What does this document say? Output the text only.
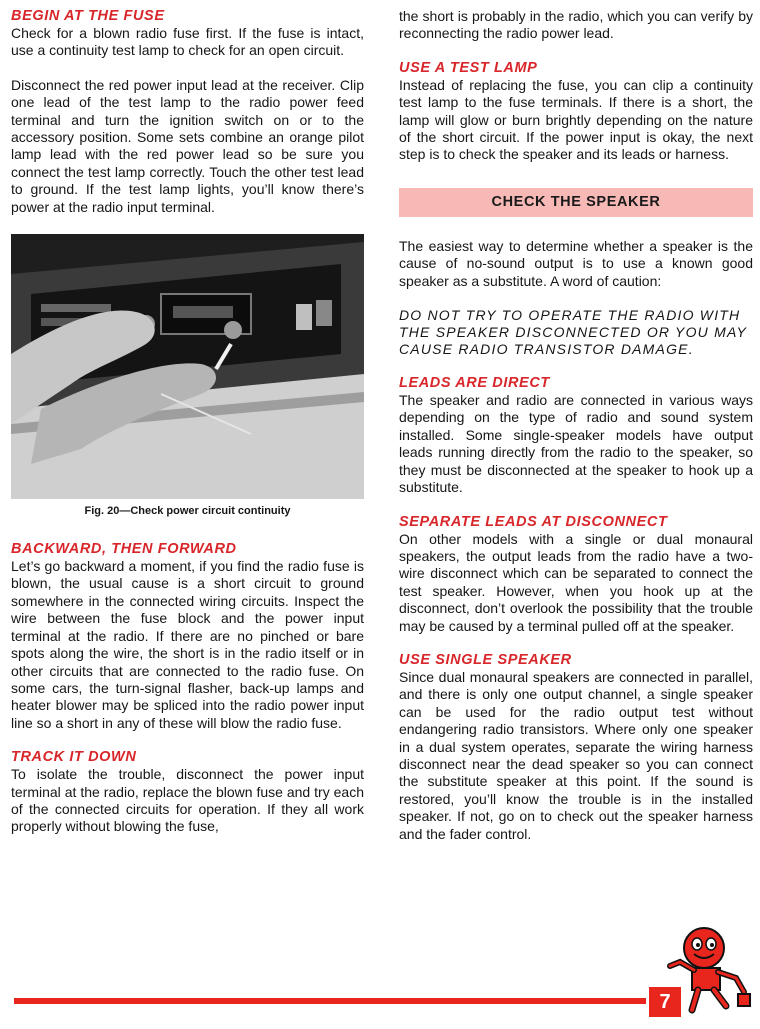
BEGIN AT THE FUSE

Check for a blown radio fuse first. If the fuse is intact, use a continuity test lamp to check for an open circuit.

Disconnect the red power input lead at the receiver. Clip one lead of the test lamp to the radio power feed terminal and turn the ignition switch on or to the accessory position. Some sets combine an orange pilot lamp lead with the red power lead so be sure you connect the test lamp correctly. Touch the other test lead to ground. If the test lamp lights, you’ll know there’s power at the radio input terminal.

Fig. 20—Check power circuit continuity
BACKWARD, THEN FORWARD

Let’s go backward a moment, if you find the radio fuse is blown, the usual cause is a short circuit to ground somewhere in the connected wiring circuits. Inspect the wire between the fuse block and the power input terminal at the radio. If there are no pinched or bare spots along the wire, the short is in the radio itself or in other circuits that are connected to the radio fuse. On some cars, the turn-signal flasher, back-up lamps and heater blower may be spliced into the radio power input line so a short in any of these will blow the radio fuse.

TRACK IT DOWN

To isolate the trouble, disconnect the power input terminal at the radio, replace the blown fuse and try each of the connected circuits for operation. If they all work properly without blowing the fuse,

the short is probably in the radio, which you can verify by reconnecting the radio power lead.

USE A TEST LAMP

Instead of replacing the fuse, you can clip a continuity test lamp to the fuse terminals. If there is a short, the lamp will glow or burn brightly depending on the nature of the short circuit. If the power input is okay, the next step is to check the speaker and its leads or harness.

CHECK THE SPEAKER

The easiest way to determine whether a speaker is the cause of no-sound output is to use a known good speaker as a substitute. A word of caution:

DO NOT TRY TO OPERATE THE RADIO WITH THE SPEAKER DISCONNECTED OR YOU MAY CAUSE RADIO TRANSISTOR DAMAGE.

LEADS ARE DIRECT

The speaker and radio are connected in various ways depending on the type of radio and sound system installed. Some single-speaker models have output leads running directly from the radio to the speaker, so they must be disconnected at the speaker to hook up a substitute.

SEPARATE LEADS AT DISCONNECT

On other models with a single or dual monaural speakers, the output leads from the radio have a two-wire disconnect which can be separated to connect the test speaker. However, when you hook up at the disconnect, don’t overlook the possibility that the trouble may be caused by a terminal pulled off at the speaker.

USE SINGLE SPEAKER

Since dual monaural speakers are connected in parallel, and there is only one output channel, a single speaker can be used for the radio output test without endangering radio transistors. Where only one speaker in a dual system operates, separate the wiring harness disconnect near the dead speaker so you can connect the substitute speaker at this point. If the sound is restored, you’ll know the trouble is in the installed speaker. If not, go on to check out the speaker harness and the fader control.

7
